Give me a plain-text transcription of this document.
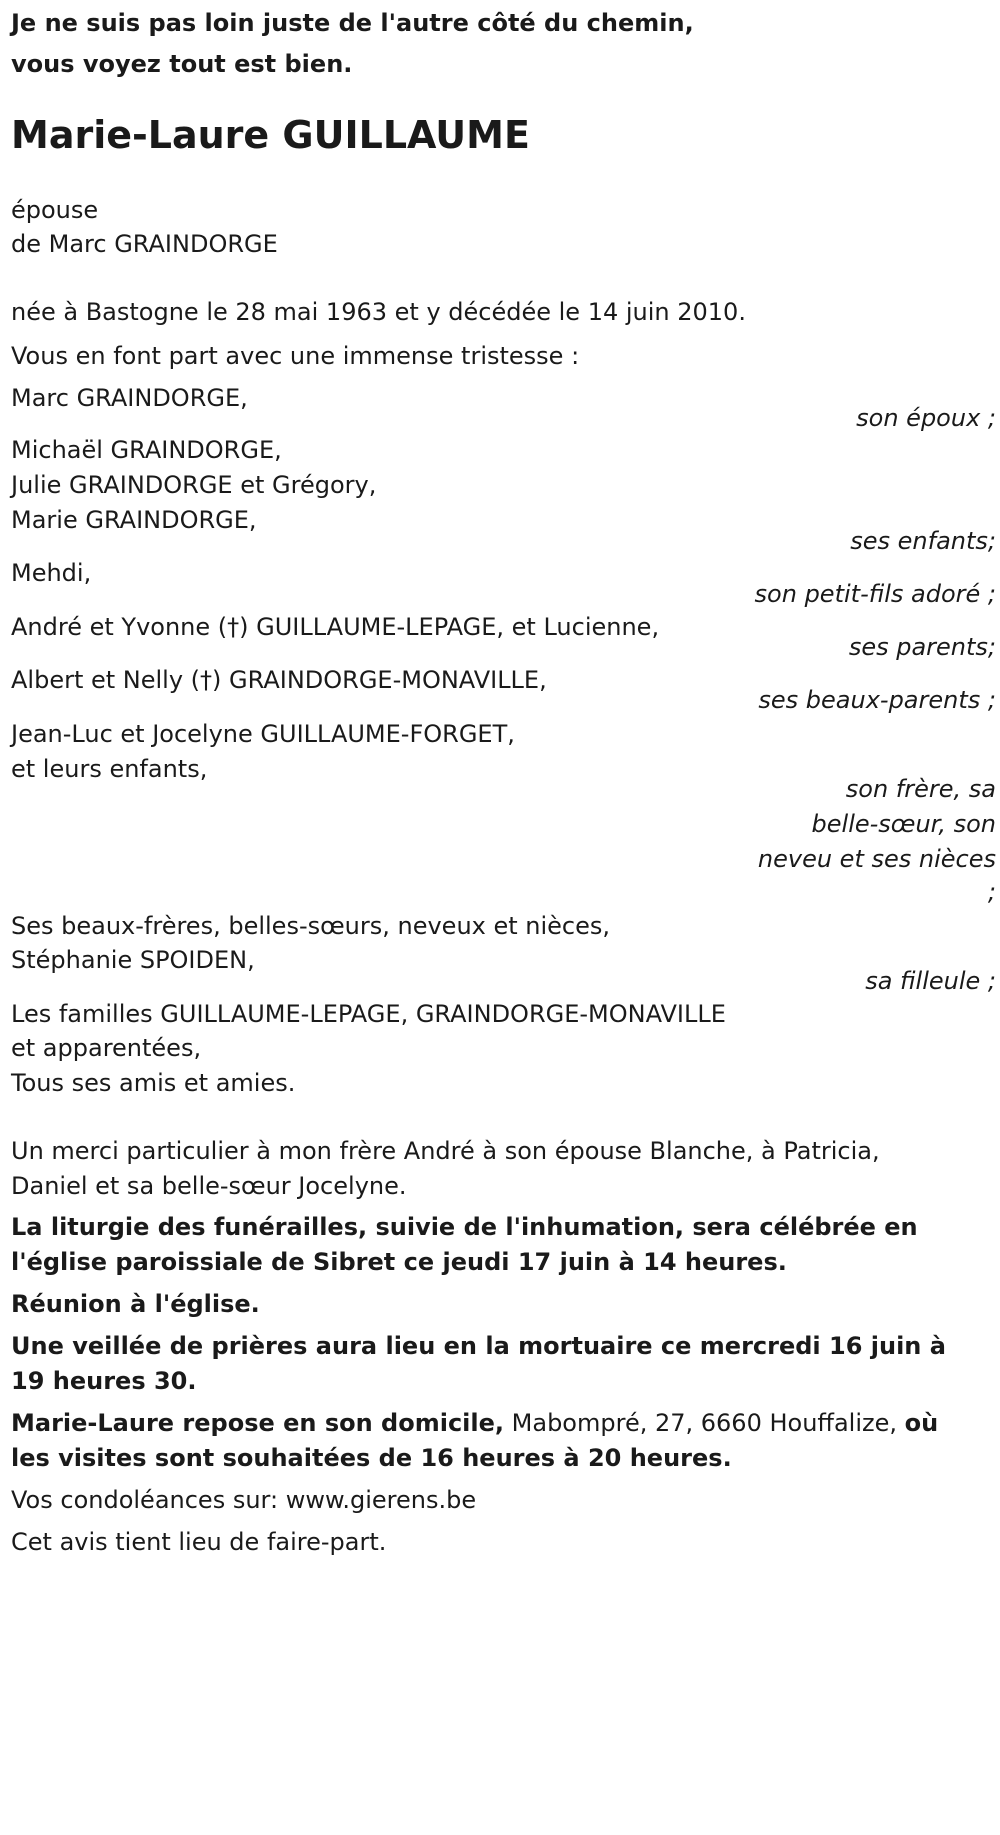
Je ne suis pas loin juste de l'autre côté du chemin,
vous voyez tout est bien.
Marie-Laure GUILLAUME
épouse
de Marc GRAINDORGE
née à Bastogne le 28 mai 1963 et y décédée le 14 juin 2010.
Vous en font part avec une immense tristesse :
Marc GRAINDORGE,
son époux ;
Michaël GRAINDORGE,
Julie GRAINDORGE et Grégory,
Marie GRAINDORGE,
ses enfants;
Mehdi,
son petit-fils adoré ;
André et Yvonne (†) GUILLAUME-LEPAGE, et Lucienne,
ses parents;
Albert et Nelly (†) GRAINDORGE-MONAVILLE,
ses beaux-parents ;
Jean-Luc et Jocelyne GUILLAUME-FORGET,
et leurs enfants,
son frère, sa
belle-sœur, son
neveu et ses nièces
;
Ses beaux-frères, belles-sœurs, neveux et nièces,
Stéphanie SPOIDEN,
sa filleule ;
Les familles GUILLAUME-LEPAGE, GRAINDORGE-MONAVILLE
et apparentées,
Tous ses amis et amies.
Un merci particulier à mon frère André à son épouse Blanche, à Patricia,
Daniel et sa belle-sœur Jocelyne.
La liturgie des funérailles, suivie de l'inhumation, sera célébrée en
l'église paroissiale de Sibret ce jeudi 17 juin à 14 heures.
Réunion à l'église.
Une veillée de prières aura lieu en la mortuaire ce mercredi 16 juin à
19 heures 30.
Marie-Laure repose en son domicile, Mabompré, 27, 6660 Houffalize, où
les visites sont souhaitées de 16 heures à 20 heures.
Vos condoléances sur: www.gierens.be
Cet avis tient lieu de faire-part.
